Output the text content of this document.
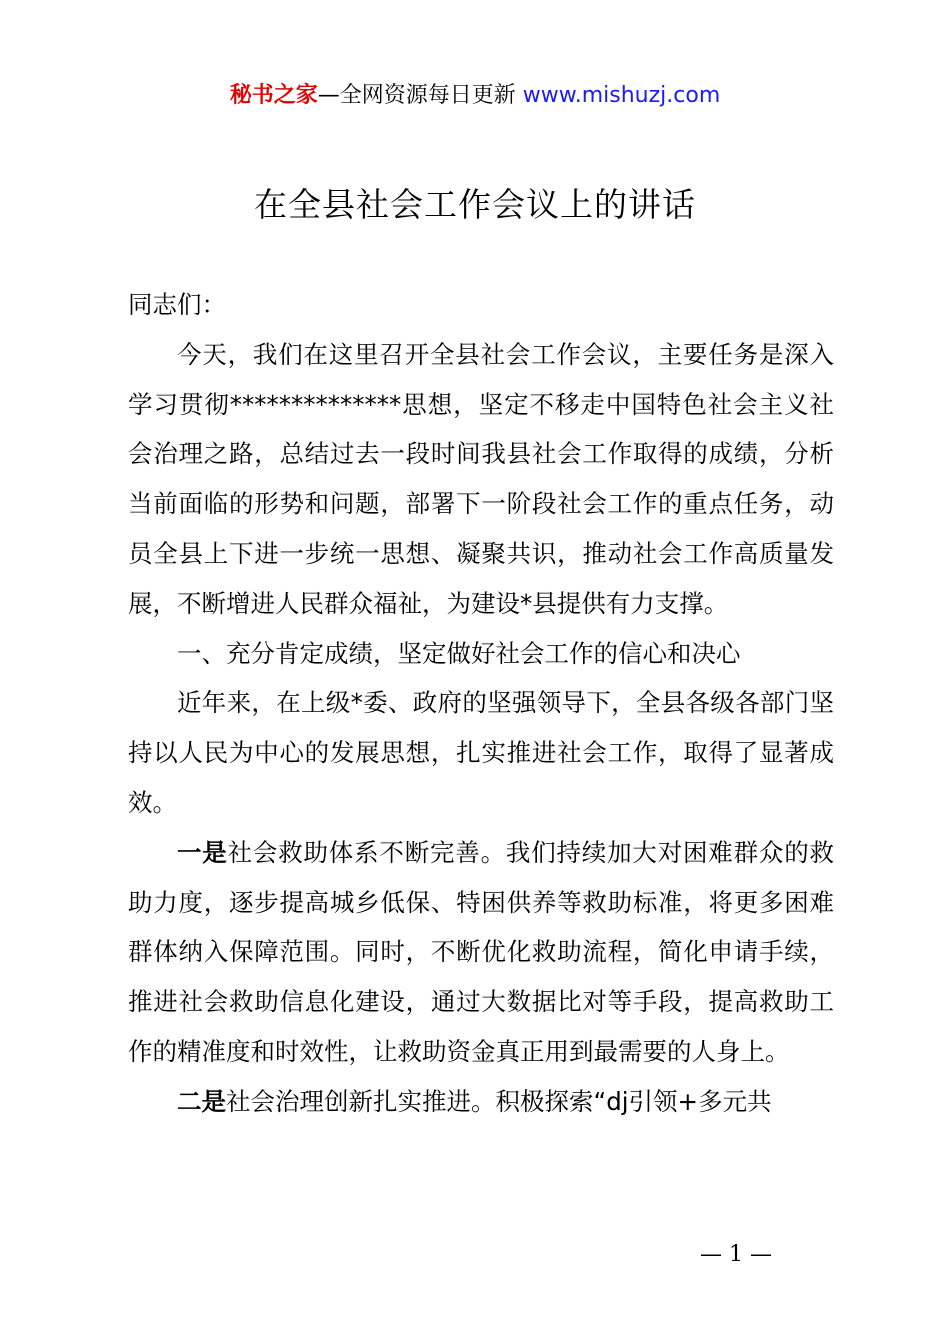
秘书之家—全网资源每日更新 www.mishuzj.com
在全县社会工作会议上的讲话

同志们：

今天，我们在这里召开全县社会工作会议，主要任务是深入学习贯彻**************思想，坚定不移走中国特色社会主义社会治理之路，总结过去一段时间我县社会工作取得的成绩，分析当前面临的形势和问题，部署下一阶段社会工作的重点任务，动员全县上下进一步统一思想、凝聚共识，推动社会工作高质量发展，不断增进人民群众福祉，为建设*县提供有力支撑。

一、充分肯定成绩，坚定做好社会工作的信心和决心

近年来，在上级*委、政府的坚强领导下，全县各级各部门坚持以人民为中心的发展思想，扎实推进社会工作，取得了显著成效。

一是社会救助体系不断完善。我们持续加大对困难群众的救助力度，逐步提高城乡低保、特困供养等救助标准，将更多困难群体纳入保障范围。同时，不断优化救助流程，简化申请手续，推进社会救助信息化建设，通过大数据比对等手段，提高救助工作的精准度和时效性，让救助资金真正用到最需要的人身上。

二是社会治理创新扎实推进。积极探索“dj引领+多元共

— 1 —
